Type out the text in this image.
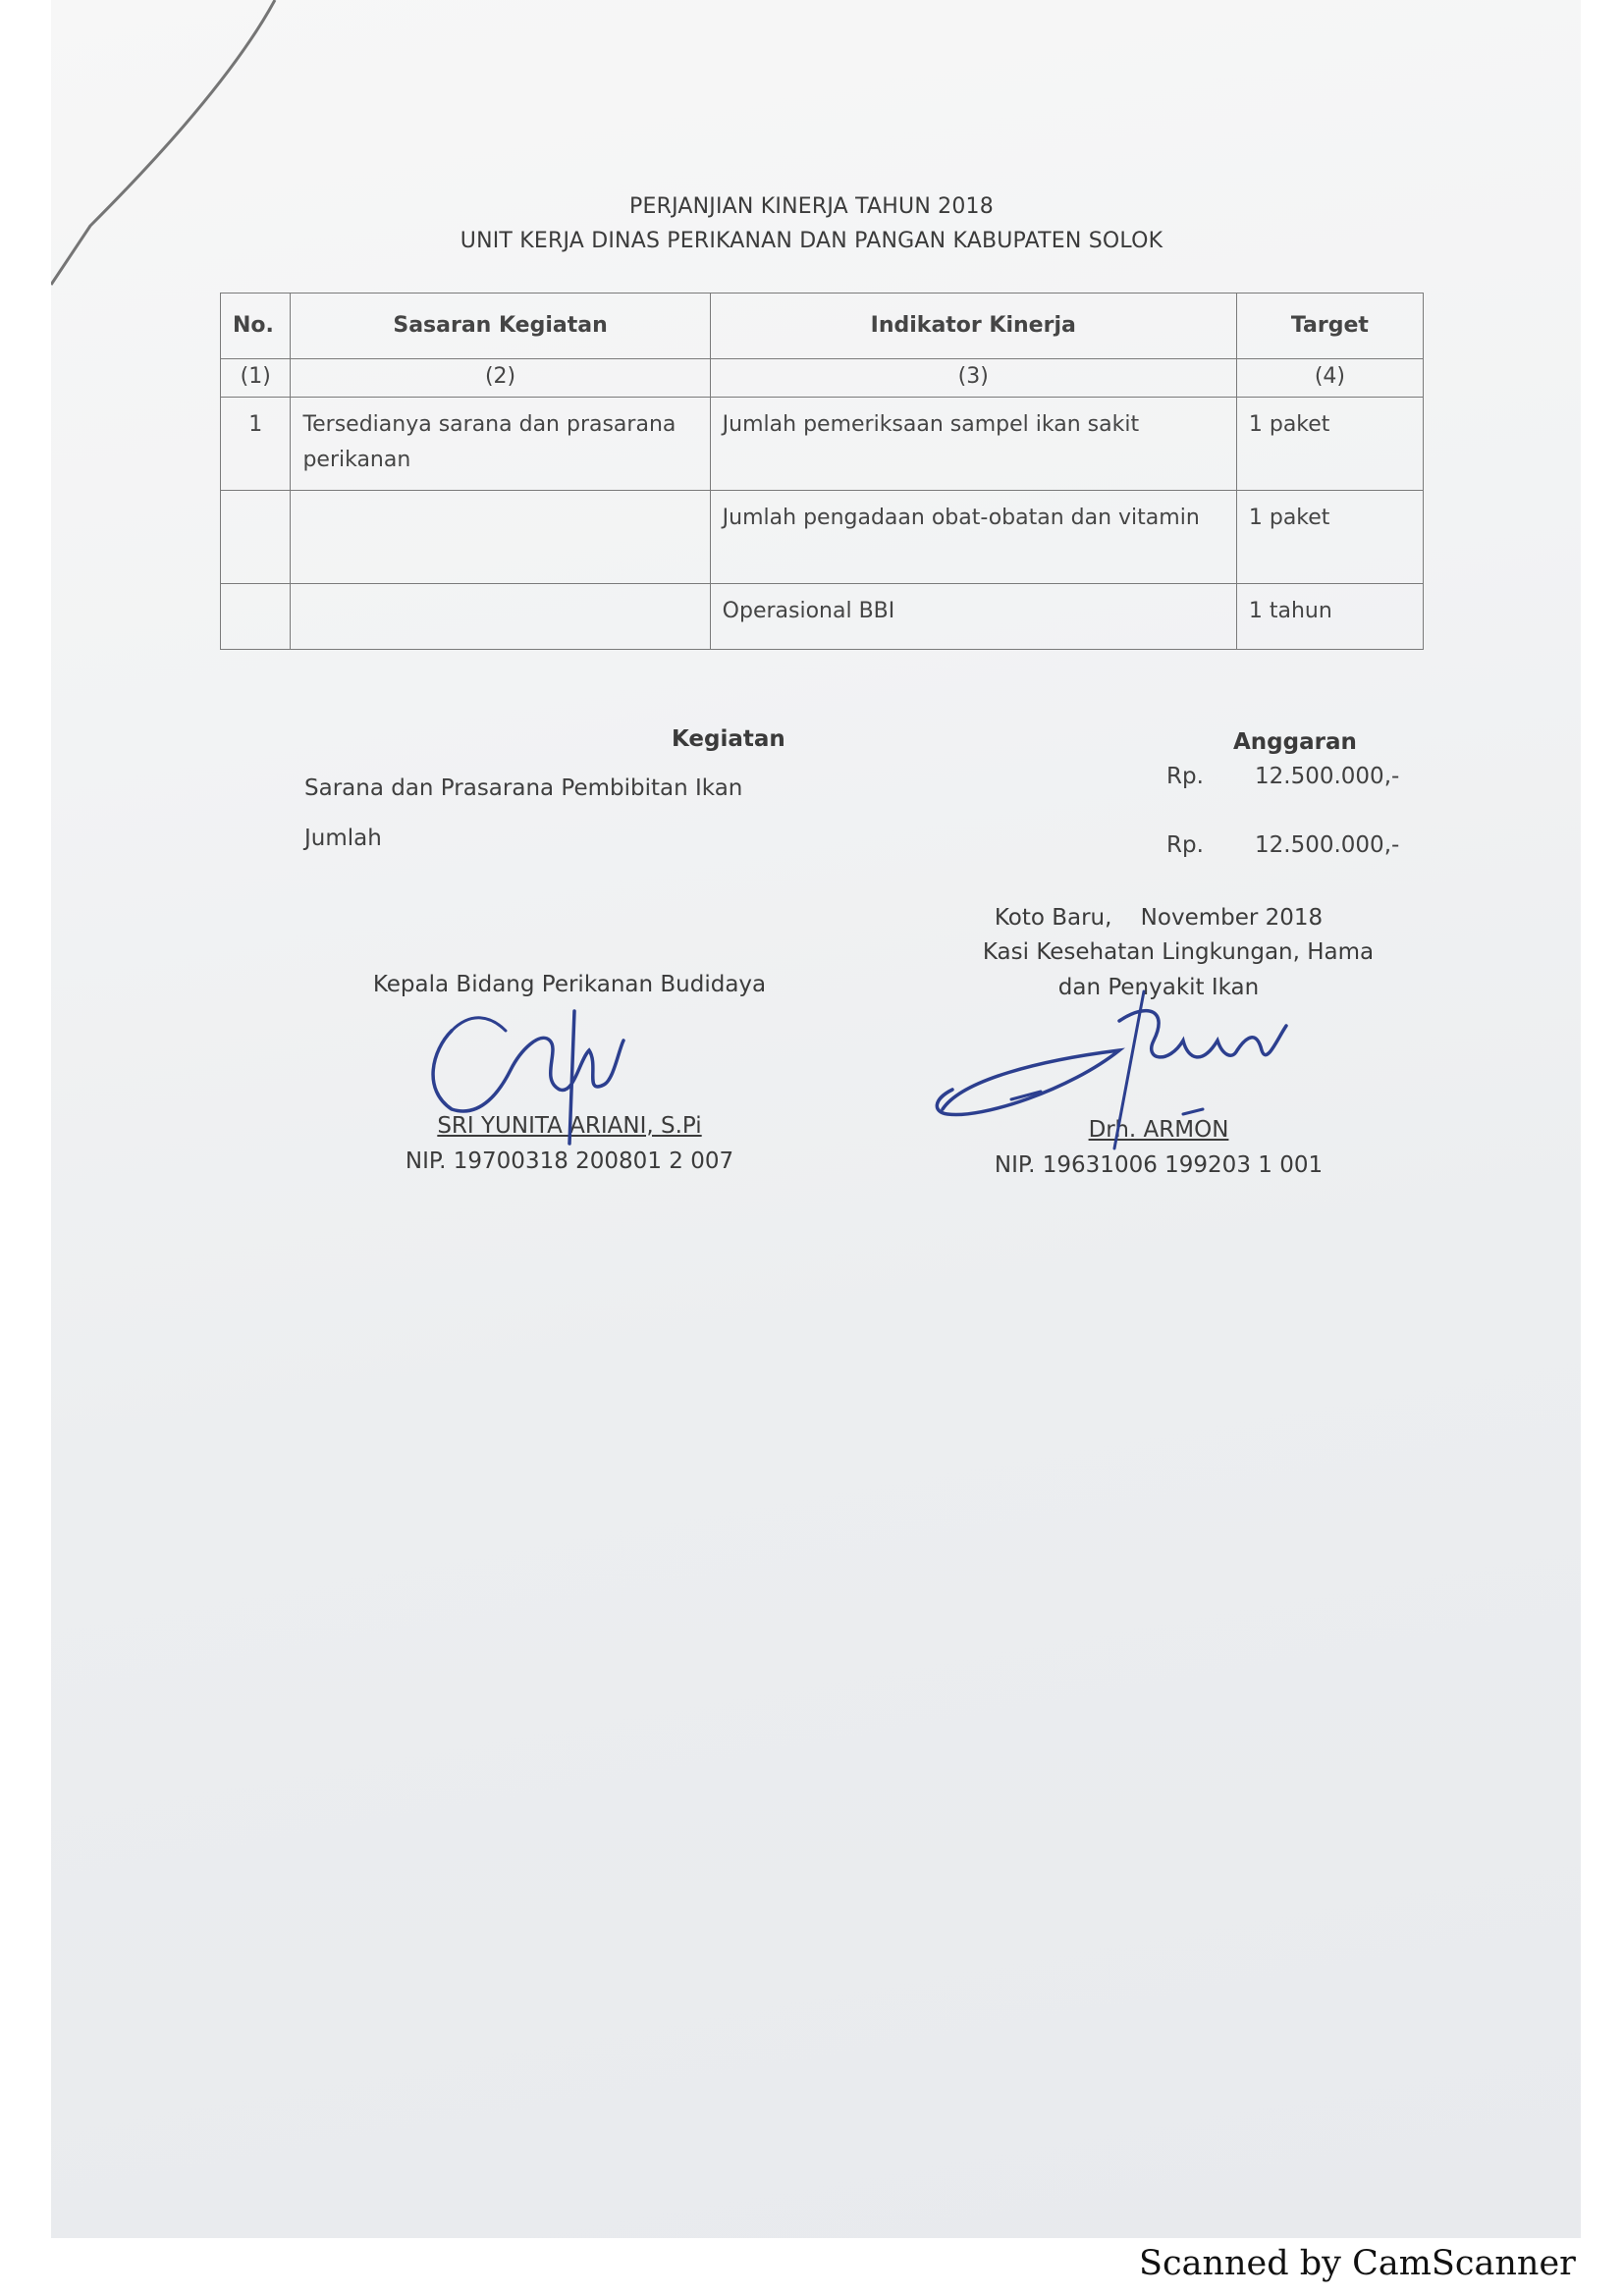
PERJANJIAN KINERJA TAHUN 2018
UNIT KERJA DINAS PERIKANAN DAN PANGAN KABUPATEN SOLOK
No.	Sasaran Kegiatan	Indikator Kinerja	Target
(1)	(2)	(3)	(4)
1	Tersedianya sarana dan prasarana perikanan	Jumlah pemeriksaan sampel ikan sakit	1 paket
		Jumlah pengadaan obat-obatan dan vitamin	1 paket
		Operasional BBI	1 tahun
Kegiatan	Anggaran
Sarana dan Prasarana Pembibitan Ikan	Rp. 12.500.000,-
Jumlah	Rp. 12.500.000,-
Kepala Bidang Perikanan Budidaya
SRI YUNITA ARIANI, S.Pi
NIP. 19700318 200801 2 007
Koto Baru,    November 2018
Kasi Kesehatan Lingkungan, Hama
dan Penyakit Ikan
Drh. ARMON
NIP. 19631006 199203 1 001
Scanned by CamScanner
